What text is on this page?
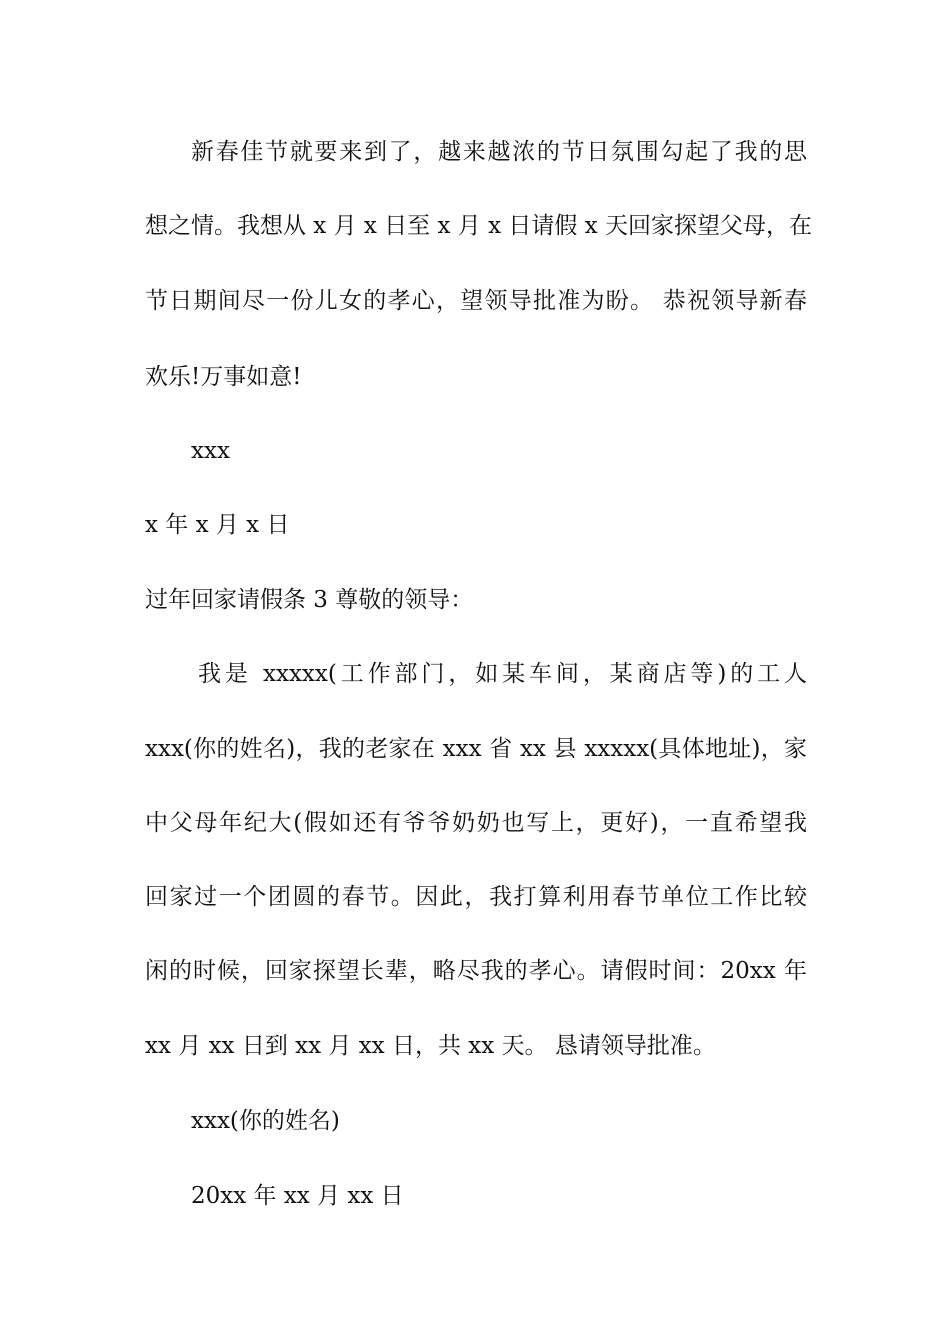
新春佳节就要来到了，越来越浓的节日氛围勾起了我的思
想之情。我想从 x 月 x 日至 x 月 x 日请假 x 天回家探望父母，在
节日期间尽一份儿女的孝心，望领导批准为盼。 恭祝领导新春
欢乐!万事如意!
xxx
x 年 x 月 x 日
过年回家请假条 3 尊敬的领导：
我是 xxxxx(工作部门，如某车间，某商店等)的工人
xxx(你的姓名)，我的老家在 xxx 省 xx 县 xxxxx(具体地址)，家
中父母年纪大(假如还有爷爷奶奶也写上，更好)，一直希望我
回家过一个团圆的春节。因此，我打算利用春节单位工作比较
闲的时候，回家探望长辈，略尽我的孝心。请假时间：20xx 年
xx 月 xx 日到 xx 月 xx 日，共 xx 天。 恳请领导批准。
xxx(你的姓名)
20xx 年 xx 月 xx 日
